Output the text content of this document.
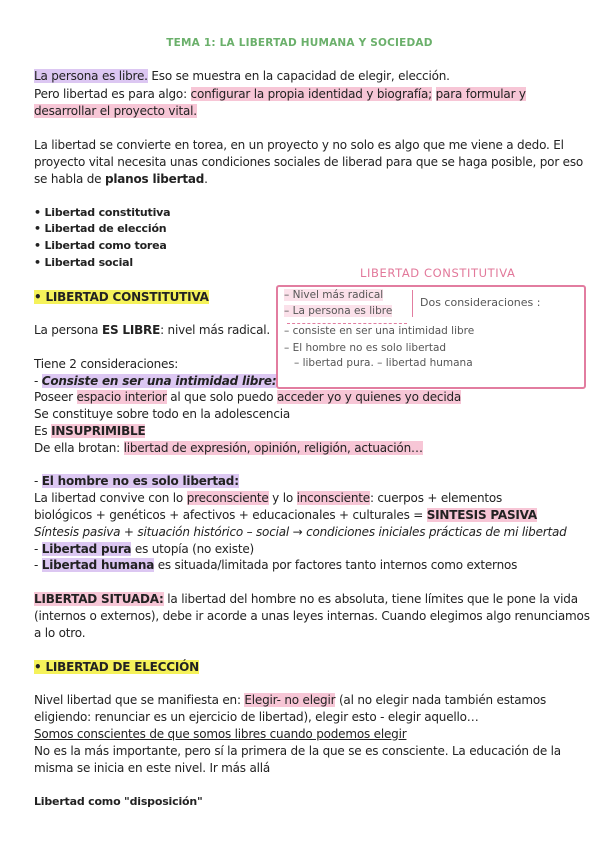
TEMA 1: LA LIBERTAD HUMANA Y SOCIEDAD
La persona es libre. Eso se muestra en la capacidad de elegir, elección.
Pero libertad es para algo: configurar la propia identidad y biografía; para formular y
desarrollar el proyecto vital.
La libertad se convierte en torea, en un proyecto y no solo es algo que me viene a dedo. El
proyecto vital necesita unas condiciones sociales de liberad para que se haga posible, por eso
se habla de planos libertad.
• Libertad constitutiva
• Libertad de elección
• Libertad como torea
• Libertad social
• LIBERTAD CONSTITUTIVA
La persona ES LIBRE: nivel más radical.
Tiene 2 consideraciones:
- Consiste en ser una intimidad libre:
Poseer espacio interior al que solo puedo acceder yo y quienes yo decida
Se constituye sobre todo en la adolescencia
Es INSUPRIMIBLE
De ella brotan: libertad de expresión, opinión, religión, actuación…
- El hombre no es solo libertad:
La libertad convive con lo preconsciente y lo inconsciente: cuerpos + elementos
biológicos + genéticos + afectivos + educacionales + culturales = SINTESIS PASIVA
Síntesis pasiva + situación histórico – social → condiciones iniciales prácticas de mi libertad
- Libertad pura es utopía (no existe)
- Libertad humana es situada/limitada por factores tanto internos como externos
LIBERTAD SITUADA: la libertad del hombre no es absoluta, tiene límites que le pone la vida
(internos o externos), debe ir acorde a unas leyes internas. Cuando elegimos algo renunciamos
a lo otro.
• LIBERTAD DE ELECCIÓN
Nivel libertad que se manifiesta en: Elegir- no elegir (al no elegir nada también estamos
eligiendo: renunciar es un ejercicio de libertad), elegir esto - elegir aquello…
Somos conscientes de que somos libres cuando podemos elegir
No es la más importante, pero sí la primera de la que se es consciente. La educación de la
misma se inicia en este nivel. Ir más allá
Libertad como "disposición"
LIBERTAD CONSTITUTIVA
– Nivel más radical
– La persona es libre
Dos consideraciones :
– consiste en ser una intimidad libre
– El hombre no es solo libertad
– libertad pura. – libertad humana
